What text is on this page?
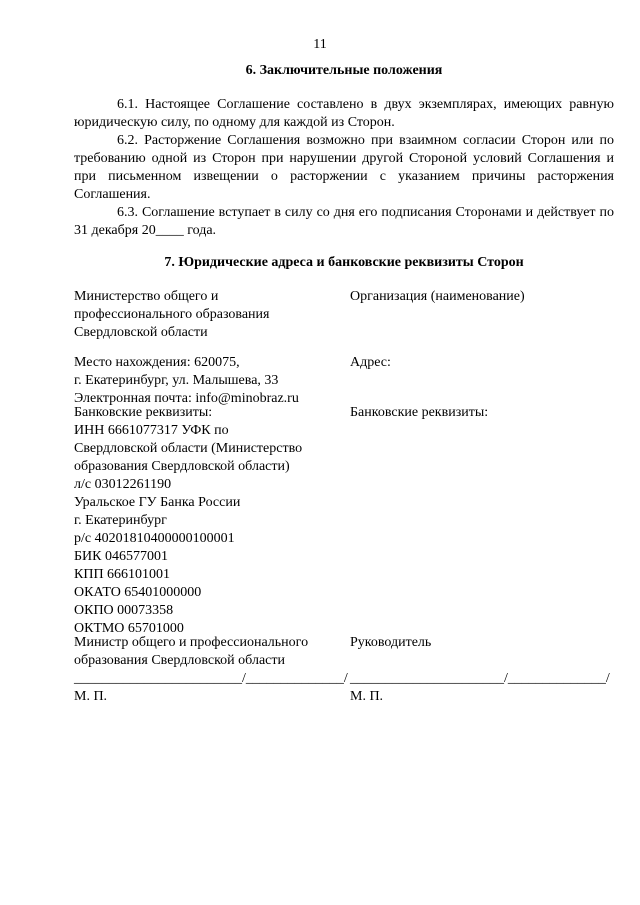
11
6. Заключительные положения

6.1. Настоящее Соглашение составлено в двух экземплярах, имеющих равную юридическую силу, по одному для каждой из Сторон.

6.2. Расторжение Соглашения возможно при взаимном согласии Сторон или по требованию одной из Сторон при нарушении другой Стороной условий Соглашения и при письменном извещении о расторжении с указанием причины расторжения Соглашения.

6.3. Соглашение вступает в силу со дня его подписания Сторонами и действует по 31 декабря 20____ года.

7. Юридические адреса и банковские реквизиты Сторон
Министерство общего и
профессионального образования
Свердловской области
Место нахождения: 620075,
г. Екатеринбург, ул. Малышева, 33
Электронная почта: info@minobraz.ru
Банковские реквизиты:
ИНН 6661077317 УФК по
Свердловской области (Министерство
образования Свердловской области)
л/с 03012261190
Уральское ГУ Банка России
г. Екатеринбург
р/с 40201810400000100001
БИК 046577001
КПП 666101001
ОКАТО 65401000000
ОКПО 00073358
ОКТМО 65701000
Министр общего и профессионального
образования Свердловской области
________________________/______________/
М. П.
Организация (наименование)
Адрес:
Банковские реквизиты:
Руководитель
______________________/______________/
М. П.
